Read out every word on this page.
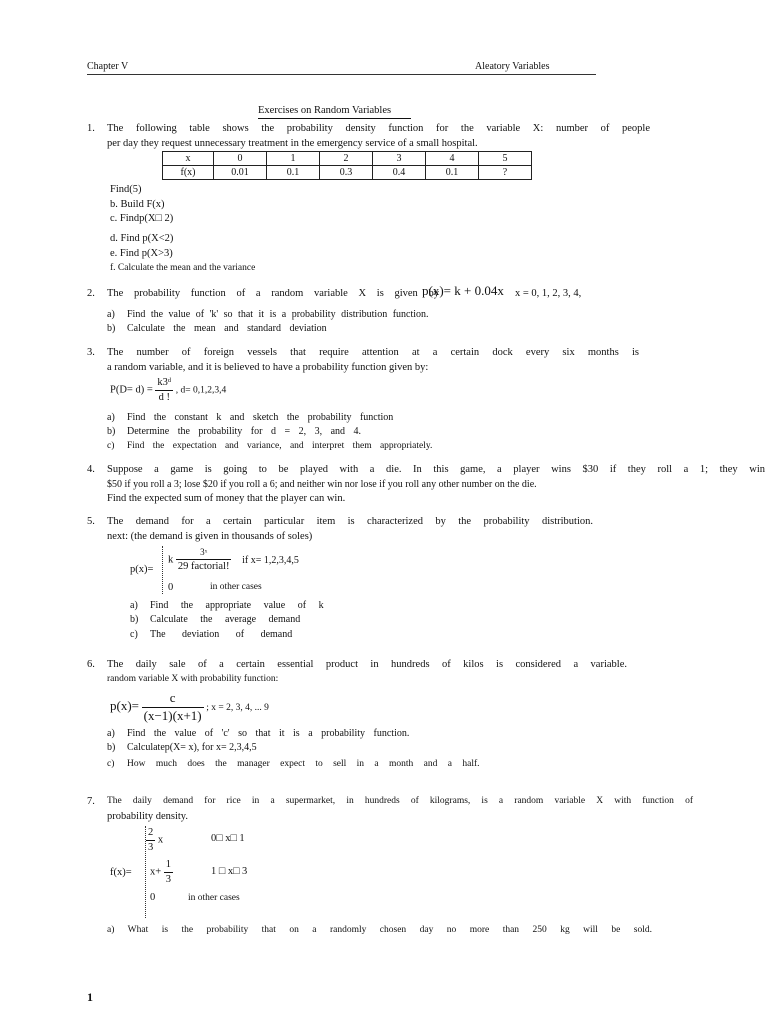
Chapter V	Aleatory Variables
Exercises on Random Variables
1. The following table shows the probability density function for the variable X: number of people
per day they request unnecessary treatment in the emergency service of a small hospital.
x	0	1	2	3	4	5
f(x)	0.01	0.1	0.3	0.4	0.1	?
Find(5)
b. Build F(x)
c. Findp(X□ 2)
d. Find p(X<2)
e. Find p(X>3)
f. Calculate the mean and the variance
2. The probability function of a random variable X is given by
p(x)= k + 0.04x x = 0, 1, 2, 3, 4,
a) Find the value of 'k' so that it is a probability distribution function.
b) Calculate the mean and standard deviation
3. The number of foreign vessels that require attention at a certain dock every six months is
a random variable, and it is believed to have a probability function given by:
$P(D= d) = \frac{\text{k3ᵈ}}{d !}$ , d= 0,1,2,3,4
a) Find the constant k and sketch the probability function
b) Determine the probability for d = 2, 3, and 4.
c) Find the expectation and variance, and interpret them appropriately.
4. Suppose a game is going to be played with a die. In this game, a player wins $30 if they roll a 1; they win
$50 if you roll a 3; lose $20 if you roll a 6; and neither win nor lose if you roll any other number on the die.
Find the expected sum of money that the player can win.
5. The demand for a certain particular item is characterized by the probability distribution.
next: (the demand is given in thousands of soles)
p(x)=
k $\frac{\text{3ˣ}}{\text{29 factorial!}}$ if x= 1,2,3,4,5
0	in other cases
a) Find the appropriate value of k
b) Calculate the average demand
c) The deviation of demand
6. The daily sale of a certain essential product in hundreds of kilos is considered a variable.
random variable X with probability function:
$p(x)= \frac{c}{(x-1)(x+1)}$ ; x = 2, 3, 4, ... 9
a) Find the value of 'c' so that it is a probability function.
b) Calculatep(X= x), for x= 2,3,4,5
c) How much does the manager expect to sell in a month and a half.
7. The daily demand for rice in a supermarket, in hundreds of kilograms, is a random variable X with function of
probability density.
f(x)=
$\frac{2}{3}$ x	0□ x□ 1
$x+ \frac{1}{3}$	1 □ x□ 3
0	in other cases
a) What is the probability that on a randomly chosen day no more than 250 kg will be sold.
1
